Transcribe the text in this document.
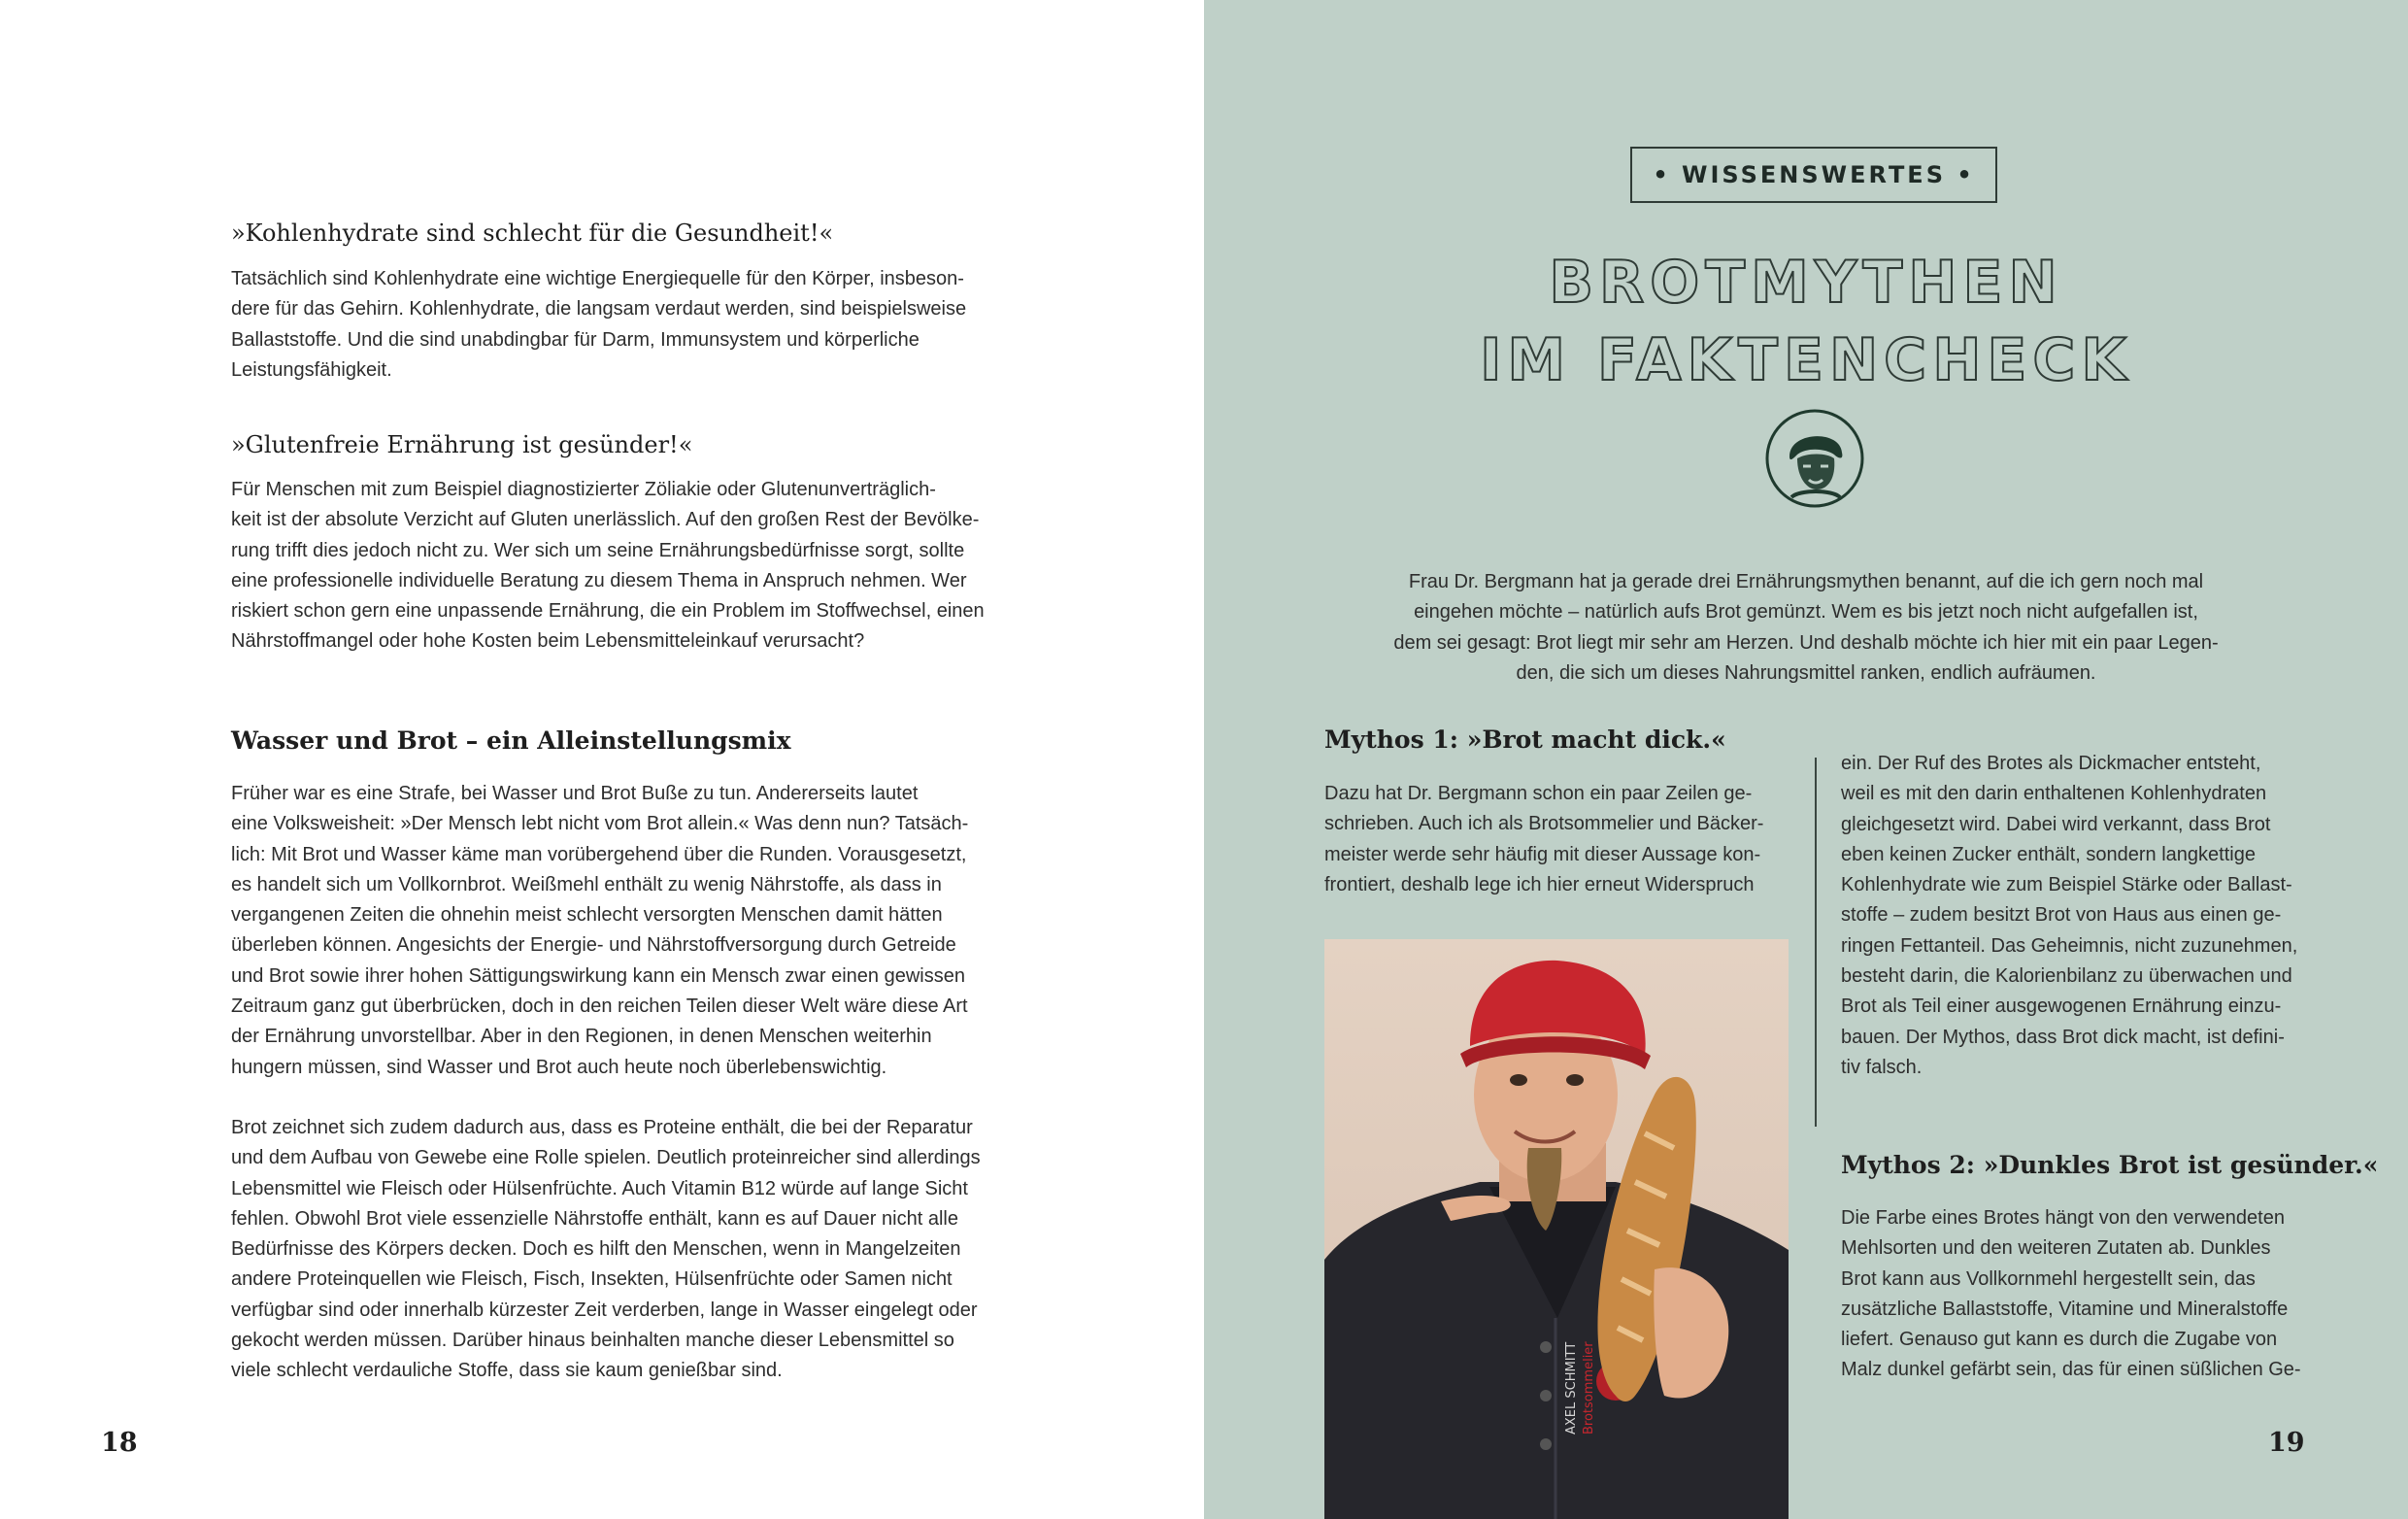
»Kohlenhydrate sind schlecht für die Gesundheit!«
Tatsächlich sind Kohlenhydrate eine wichtige Energiequelle für den Körper, insbeson-
dere für das Gehirn. Kohlenhydrate, die langsam verdaut werden, sind beispielsweise
Ballaststoffe. Und die sind unabdingbar für Darm, Immunsystem und körperliche
Leistungsfähigkeit.
»Glutenfreie Ernährung ist gesünder!«
Für Menschen mit zum Beispiel diagnostizierter Zöliakie oder Glutenunverträglich-
keit ist der absolute Verzicht auf Gluten unerlässlich. Auf den großen Rest der Bevölke-
rung trifft dies jedoch nicht zu. Wer sich um seine Ernährungsbedürfnisse sorgt, sollte
eine professionelle individuelle Beratung zu diesem Thema in Anspruch nehmen. Wer
riskiert schon gern eine unpassende Ernährung, die ein Problem im Stoffwechsel, einen
Nährstoffmangel oder hohe Kosten beim Lebensmitteleinkauf verursacht?
Wasser und Brot – ein Alleinstellungsmix
Früher war es eine Strafe, bei Wasser und Brot Buße zu tun. Andererseits lautet
eine Volksweisheit: »Der Mensch lebt nicht vom Brot allein.« Was denn nun? Tatsäch-
lich: Mit Brot und Wasser käme man vorübergehend über die Runden. Vorausgesetzt,
es handelt sich um Vollkornbrot. Weißmehl enthält zu wenig Nährstoffe, als dass in
vergangenen Zeiten die ohnehin meist schlecht versorgten Menschen damit hätten
überleben können. Angesichts der Energie- und Nährstoffversorgung durch Getreide
und Brot sowie ihrer hohen Sättigungswirkung kann ein Mensch zwar einen gewissen
Zeitraum ganz gut überbrücken, doch in den reichen Teilen dieser Welt wäre diese Art
der Ernährung unvorstellbar. Aber in den Regionen, in denen Menschen weiterhin
hungern müssen, sind Wasser und Brot auch heute noch überlebenswichtig.
Brot zeichnet sich zudem dadurch aus, dass es Proteine enthält, die bei der Reparatur
und dem Aufbau von Gewebe eine Rolle spielen. Deutlich proteinreicher sind allerdings
Lebensmittel wie Fleisch oder Hülsenfrüchte. Auch Vitamin B12 würde auf lange Sicht
fehlen. Obwohl Brot viele essenzielle Nährstoffe enthält, kann es auf Dauer nicht alle
Bedürfnisse des Körpers decken. Doch es hilft den Menschen, wenn in Mangelzeiten
andere Proteinquellen wie Fleisch, Fisch, Insekten, Hülsenfrüchte oder Samen nicht
verfügbar sind oder innerhalb kürzester Zeit verderben, lange in Wasser eingelegt oder
gekocht werden müssen. Darüber hinaus beinhalten manche dieser Lebensmittel so
viele schlecht verdauliche Stoffe, dass sie kaum genießbar sind.
18
• WISSENSWERTES •
BROTMYTHEN
IM FAKTENCHECK
Frau Dr. Bergmann hat ja gerade drei Ernährungsmythen benannt, auf die ich gern noch mal
eingehen möchte – natürlich aufs Brot gemünzt. Wem es bis jetzt noch nicht aufgefallen ist,
dem sei gesagt: Brot liegt mir sehr am Herzen. Und deshalb möchte ich hier mit ein paar Legen-
den, die sich um dieses Nahrungsmittel ranken, endlich aufräumen.
Mythos 1: »Brot macht dick.«
Dazu hat Dr. Bergmann schon ein paar Zeilen ge-
schrieben. Auch ich als Brotsommelier und Bäcker-
meister werde sehr häufig mit dieser Aussage kon-
frontiert, deshalb lege ich hier erneut Widerspruch
ein. Der Ruf des Brotes als Dickmacher entsteht,
weil es mit den darin enthaltenen Kohlenhydraten
gleichgesetzt wird. Dabei wird verkannt, dass Brot
eben keinen Zucker enthält, sondern langkettige
Kohlenhydrate wie zum Beispiel Stärke oder Ballast-
stoffe – zudem besitzt Brot von Haus aus einen ge-
ringen Fettanteil. Das Geheimnis, nicht zuzunehmen,
besteht darin, die Kalorienbilanz zu überwachen und
Brot als Teil einer ausgewogenen Ernährung einzu-
bauen. Der Mythos, dass Brot dick macht, ist defini-
tiv falsch.
Mythos 2: »Dunkles Brot ist gesünder.«
Die Farbe eines Brotes hängt von den verwendeten
Mehlsorten und den weiteren Zutaten ab. Dunkles
Brot kann aus Vollkornmehl hergestellt sein, das
zusätzliche Ballaststoffe, Vitamine und Mineralstoffe
liefert. Genauso gut kann es durch die Zugabe von
Malz dunkel gefärbt sein, das für einen süßlichen Ge-
AXEL SCHMITT Brotsommelier
19
